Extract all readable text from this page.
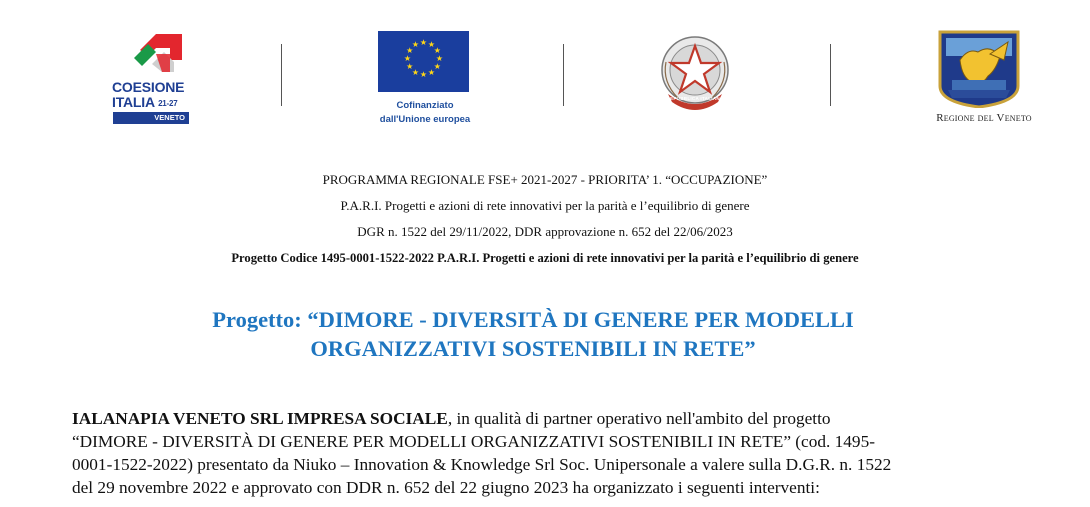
COESIONE
ITALIA $^{21-27}$
VENETO
★ ★
★
★
★
★
★
★
★
★
★
★
Cofinanziato
dall'Unione europea
REPUBBLICA ITALIANA
Regione del Veneto
PROGRAMMA REGIONALE FSE+ 2021-2027 - PRIORITA’ 1. “OCCUPAZIONE”
P.A.R.I. Progetti e azioni di rete innovativi per la parità e l’equilibrio di genere
DGR n. 1522 del 29/11/2022, DDR approvazione n. 652 del 22/06/2023
Progetto Codice 1495-0001-1522-2022 P.A.R.I. Progetti e azioni di rete innovativi per la parità e l’equilibrio di genere
Progetto: “DIMORE - DIVERSITÀ DI GENERE PER MODELLI
ORGANIZZATIVI SOSTENIBILI IN RETE”

IALANAPIA VENETO SRL IMPRESA SOCIALE, in qualità di partner operativo nell'ambito del progetto

“DIMORE - DIVERSITÀ DI GENERE PER MODELLI ORGANIZZATIVI SOSTENIBILI IN RETE” (cod. 1495-

0001-1522-2022) presentato da Niuko – Innovation & Knowledge Srl Soc. Unipersonale a valere sulla D.G.R. n. 1522

del 29 novembre 2022 e approvato con DDR n. 652 del 22 giugno 2023 ha organizzato i seguenti interventi:
